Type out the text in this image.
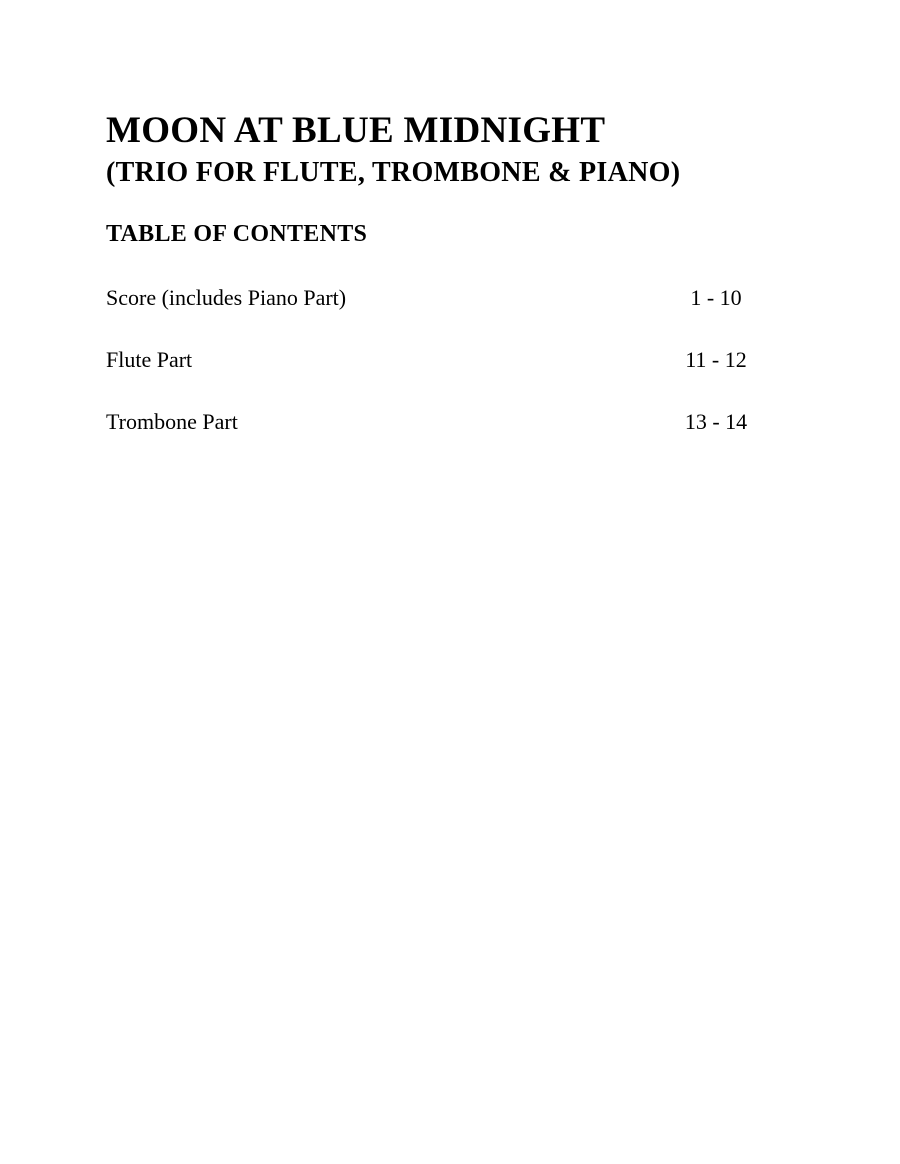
MOON AT BLUE MIDNIGHT
(TRIO FOR FLUTE, TROMBONE & PIANO)
TABLE OF CONTENTS
Score (includes Piano Part)	1 - 10
Flute Part	11 - 12
Trombone Part	13 - 14
